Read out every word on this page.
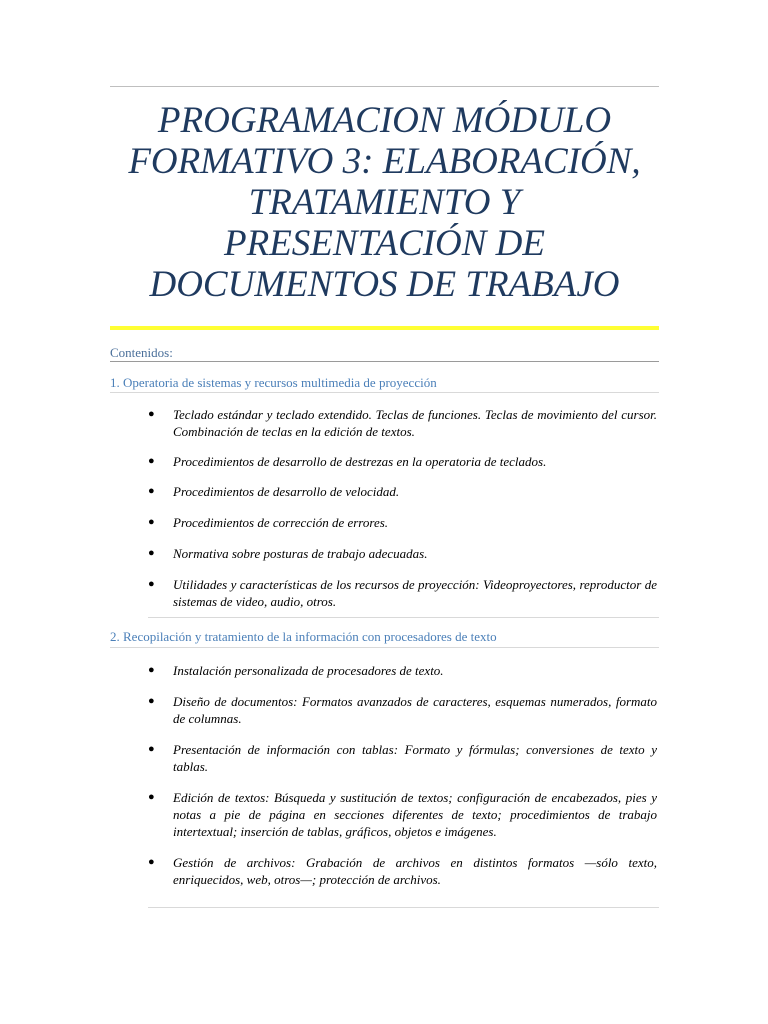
PROGRAMACION MÓDULO
FORMATIVO 3: ELABORACIÓN,
TRATAMIENTO Y
PRESENTACIÓN DE
DOCUMENTOS DE TRABAJO
Contenidos:
1. Operatoria de sistemas y recursos multimedia de proyección
● Teclado estándar y teclado extendido. Teclas de funciones. Teclas de movimiento del cursor. Combinación de teclas en la edición de textos.
● Procedimientos de desarrollo de destrezas en la operatoria de teclados.
● Procedimientos de desarrollo de velocidad.
● Procedimientos de corrección de errores.
● Normativa sobre posturas de trabajo adecuadas.
● Utilidades y características de los recursos de proyección: Videoproyectores, reproductor de sistemas de video, audio, otros.
2. Recopilación y tratamiento de la información con procesadores de texto
● Instalación personalizada de procesadores de texto.
● Diseño de documentos: Formatos avanzados de caracteres, esquemas numerados, formato de columnas.
● Presentación de información con tablas: Formato y fórmulas; conversiones de texto y tablas.
● Edición de textos: Búsqueda y sustitución de textos; configuración de encabezados, pies y notas a pie de página en secciones diferentes de texto; procedimientos de trabajo intertextual; inserción de tablas, gráficos, objetos e imágenes.
● Gestión de archivos: Grabación de archivos en distintos formatos —sólo texto, enriquecidos, web, otros—; protección de archivos.
